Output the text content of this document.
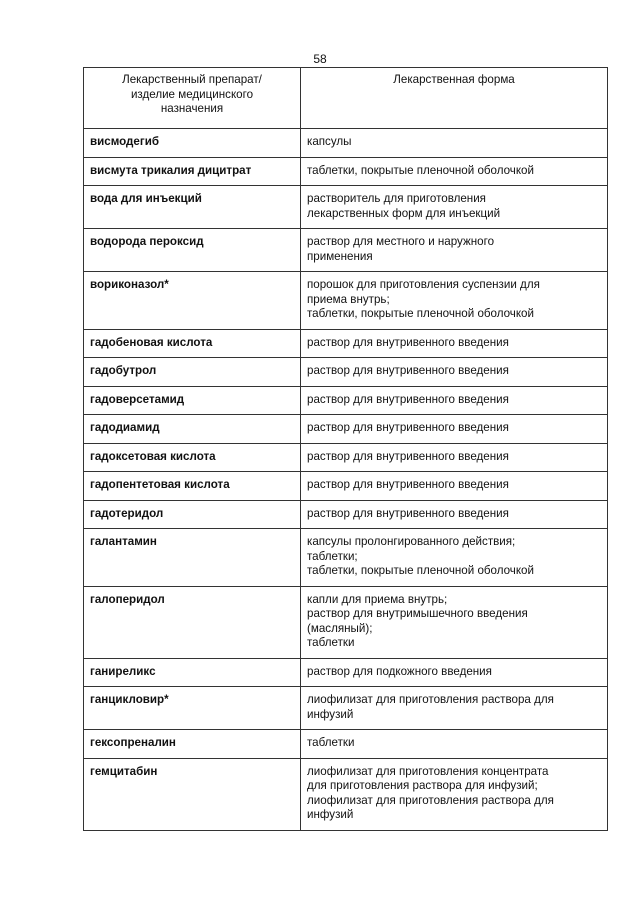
58
Лекарственный препарат/
изделие медицинского
назначения	Лекарственная форма

висмодегиб	капсулы

висмута трикалия дицитрат	таблетки, покрытые пленочной оболочкой

вода для инъекций	растворитель для приготовления
лекарственных форм для инъекций

водорода пероксид	раствор для местного и наружного
применения

вориконазол*	порошок для приготовления суспензии для
приема внутрь;
таблетки, покрытые пленочной оболочкой

гадобеновая кислота	раствор для внутривенного введения

гадобутрол	раствор для внутривенного введения

гадоверсетамид	раствор для внутривенного введения

гадодиамид	раствор для внутривенного введения

гадоксетовая кислота	раствор для внутривенного введения

гадопентетовая кислота	раствор для внутривенного введения

гадотеридол	раствор для внутривенного введения

галантамин	капсулы пролонгированного действия;
таблетки;
таблетки, покрытые пленочной оболочкой

галоперидол	капли для приема внутрь;
раствор для внутримышечного введения
(масляный);
таблетки

ганиреликс	раствор для подкожного введения

ганцикловир*	лиофилизат для приготовления раствора для
инфузий

гексопреналин	таблетки

гемцитабин	лиофилизат для приготовления концентрата
для приготовления раствора для инфузий;
лиофилизат для приготовления раствора для
инфузий
